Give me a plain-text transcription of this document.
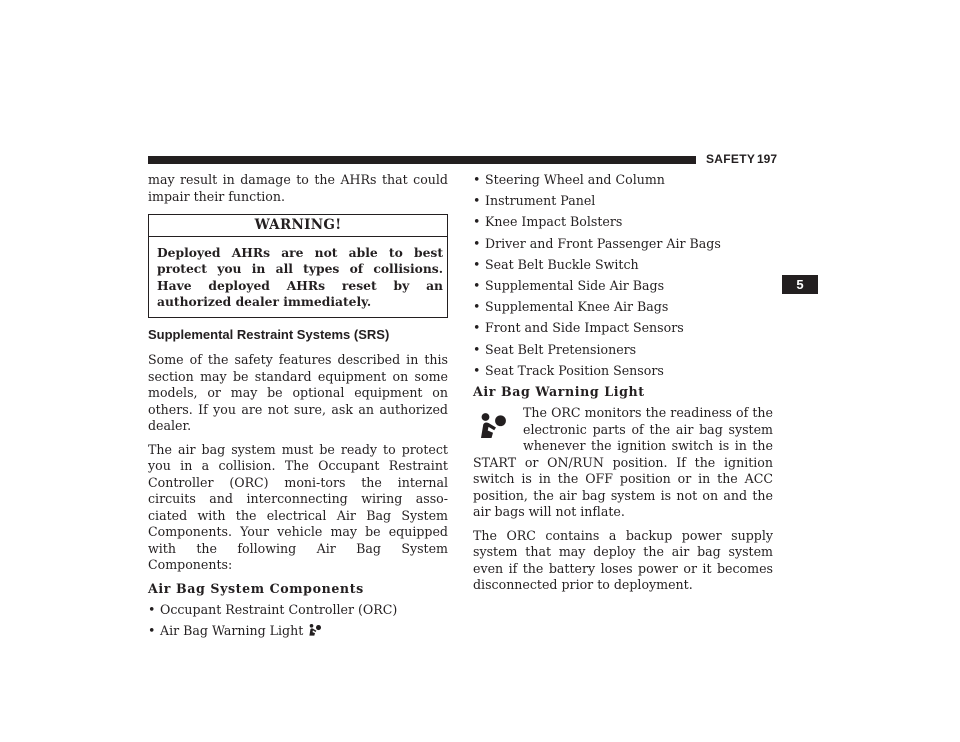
SAFETY 197
5

may result in damage to the AHRs that could impair their function.

WARNING!
Deployed AHRs are not able to best protect you in all types of collisions. Have deployed AHRs reset by an authorized dealer immediately.
Supplemental Restraint Systems (SRS)

Some of the safety features described in this section may be standard equipment on some models, or may be optional equipment on others. If you are not sure, ask an authorized dealer.

The air bag system must be ready to protect you in a collision. The Occupant Restraint Controller (ORC) moni-tors the internal circuits and interconnecting wiring asso-ciated with the electrical Air Bag System Components. Your vehicle may be equipped with the following Air Bag System Components:

Air Bag System Components
• Occupant Restraint Controller (ORC)
• Air Bag Warning Light
• Steering Wheel and Column
• Instrument Panel
• Knee Impact Bolsters
• Driver and Front Passenger Air Bags
• Seat Belt Buckle Switch
• Supplemental Side Air Bags
• Supplemental Knee Air Bags
• Front and Side Impact Sensors
• Seat Belt Pretensioners
• Seat Track Position Sensors
Air Bag Warning Light

The ORC monitors the readiness of the electronic parts of the air bag system whenever the ignition switch is in the START or ON/RUN position. If the ignition switch is in the OFF position or in the ACC position, the air bag system is not on and the air bags will not inflate.

The ORC contains a backup power supply system that may deploy the air bag system even if the battery loses power or it becomes disconnected prior to deployment.
